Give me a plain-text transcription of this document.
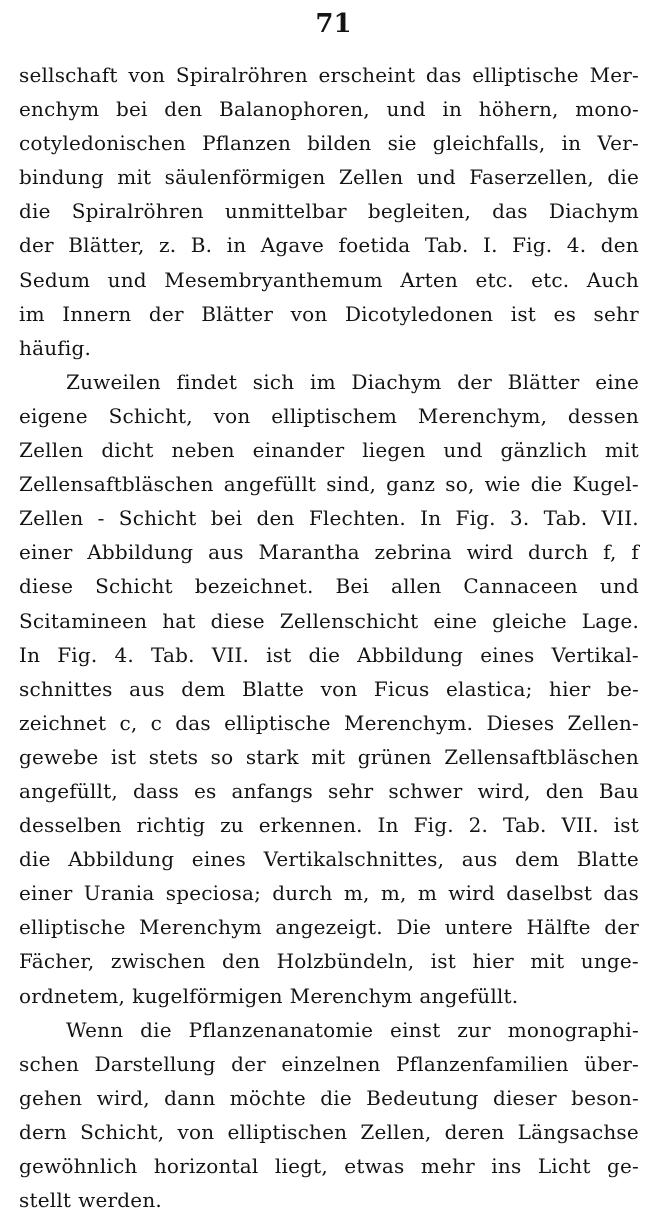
71
sellschaft von Spiralröhren erscheint das elliptische Mer-
enchym bei den Balanophoren, und in höhern, mono-
cotyledonischen Pflanzen bilden sie gleichfalls, in Ver-
bindung mit säulenförmigen Zellen und Faserzellen, die
die Spiralröhren unmittelbar begleiten, das Diachym
der Blätter, z. B. in Agave foetida Tab. I. Fig. 4. den
Sedum und Mesembryanthemum Arten etc. etc. Auch
im Innern der Blätter von Dicotyledonen ist es sehr
häufig.
Zuweilen findet sich im Diachym der Blätter eine
eigene Schicht, von elliptischem Merenchym, dessen
Zellen dicht neben einander liegen und gänzlich mit
Zellensaftbläschen angefüllt sind, ganz so, wie die Kugel-
Zellen - Schicht bei den Flechten. In Fig. 3. Tab. VII.
einer Abbildung aus Marantha zebrina wird durch f, f
diese Schicht bezeichnet. Bei allen Cannaceen und
Scitamineen hat diese Zellenschicht eine gleiche Lage.
In Fig. 4. Tab. VII. ist die Abbildung eines Vertikal-
schnittes aus dem Blatte von Ficus elastica; hier be-
zeichnet c, c das elliptische Merenchym. Dieses Zellen-
gewebe ist stets so stark mit grünen Zellensaftbläschen
angefüllt, dass es anfangs sehr schwer wird, den Bau
desselben richtig zu erkennen. In Fig. 2. Tab. VII. ist
die Abbildung eines Vertikalschnittes, aus dem Blatte
einer Urania speciosa; durch m, m, m wird daselbst das
elliptische Merenchym angezeigt. Die untere Hälfte der
Fächer, zwischen den Holzbündeln, ist hier mit unge-
ordnetem, kugelförmigen Merenchym angefüllt.
Wenn die Pflanzenanatomie einst zur monographi-
schen Darstellung der einzelnen Pflanzenfamilien über-
gehen wird, dann möchte die Bedeutung dieser beson-
dern Schicht, von elliptischen Zellen, deren Längsachse
gewöhnlich horizontal liegt, etwas mehr ins Licht ge-
stellt werden.
